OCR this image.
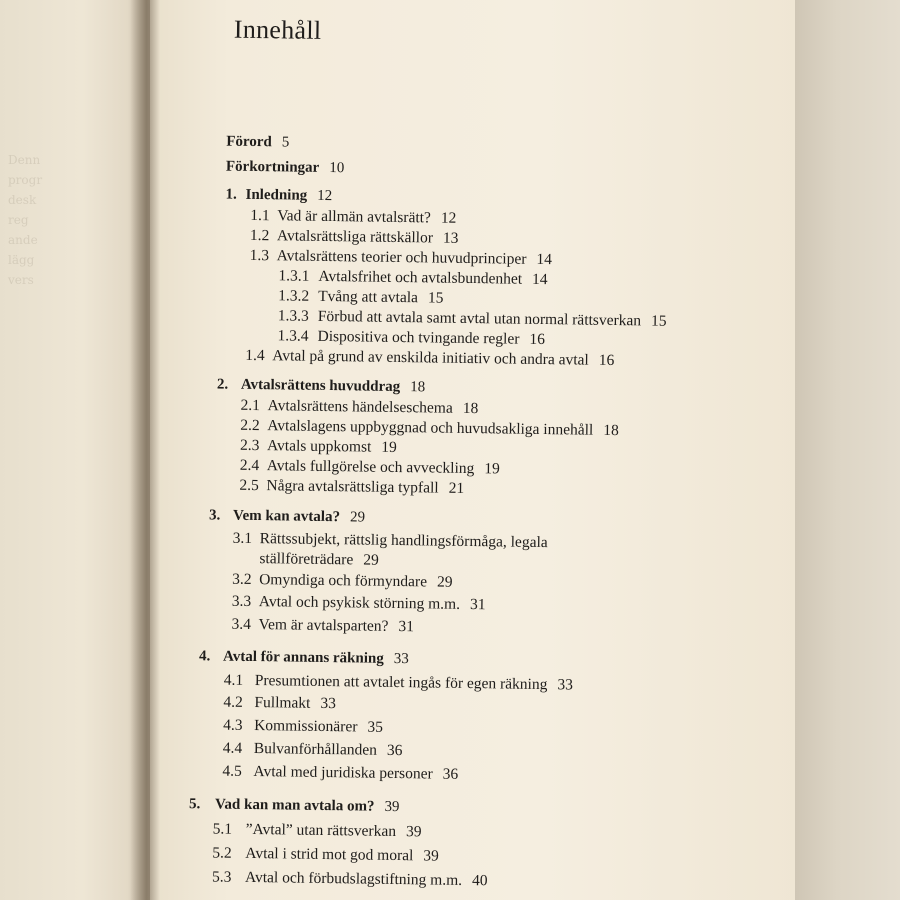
Denn
progr
desk
reg
ande
lägg
vers

Innehåll
Förord 5
Förkortningar 10
1. Inledning 12
1.1 Vad är allmän avtalsrätt? 12
1.2 Avtalsrättsliga rättskällor 13
1.3 Avtalsrättens teorier och huvudprinciper 14
1.3.1 Avtalsfrihet och avtalsbundenhet 14
1.3.2 Tvång att avtala 15
1.3.3 Förbud att avtala samt avtal utan normal rättsverkan 15
1.3.4 Dispositiva och tvingande regler 16
1.4 Avtal på grund av enskilda initiativ och andra avtal 16
2. Avtalsrättens huvuddrag 18
2.1 Avtalsrättens händelseschema 18
2.2 Avtalslagens uppbyggnad och huvudsakliga innehåll 18
2.3 Avtals uppkomst 19
2.4 Avtals fullgörelse och avveckling 19
2.5 Några avtalsrättsliga typfall 21
3. Vem kan avtala? 29
3.1 Rättssubjekt, rättslig handlingsförmåga, legala
ställföreträdare 29
3.2 Omyndiga och förmyndare 29
3.3 Avtal och psykisk störning m.m. 31
3.4 Vem är avtalsparten? 31
4. Avtal för annans räkning 33
4.1 Presumtionen att avtalet ingås för egen räkning 33
4.2 Fullmakt 33
4.3 Kommissionärer 35
4.4 Bulvanförhållanden 36
4.5 Avtal med juridiska personer 36
5. Vad kan man avtala om? 39
5.1 ”Avtal” utan rättsverkan 39
5.2 Avtal i strid mot god moral 39
5.3 Avtal och förbudslagstiftning m.m. 40
